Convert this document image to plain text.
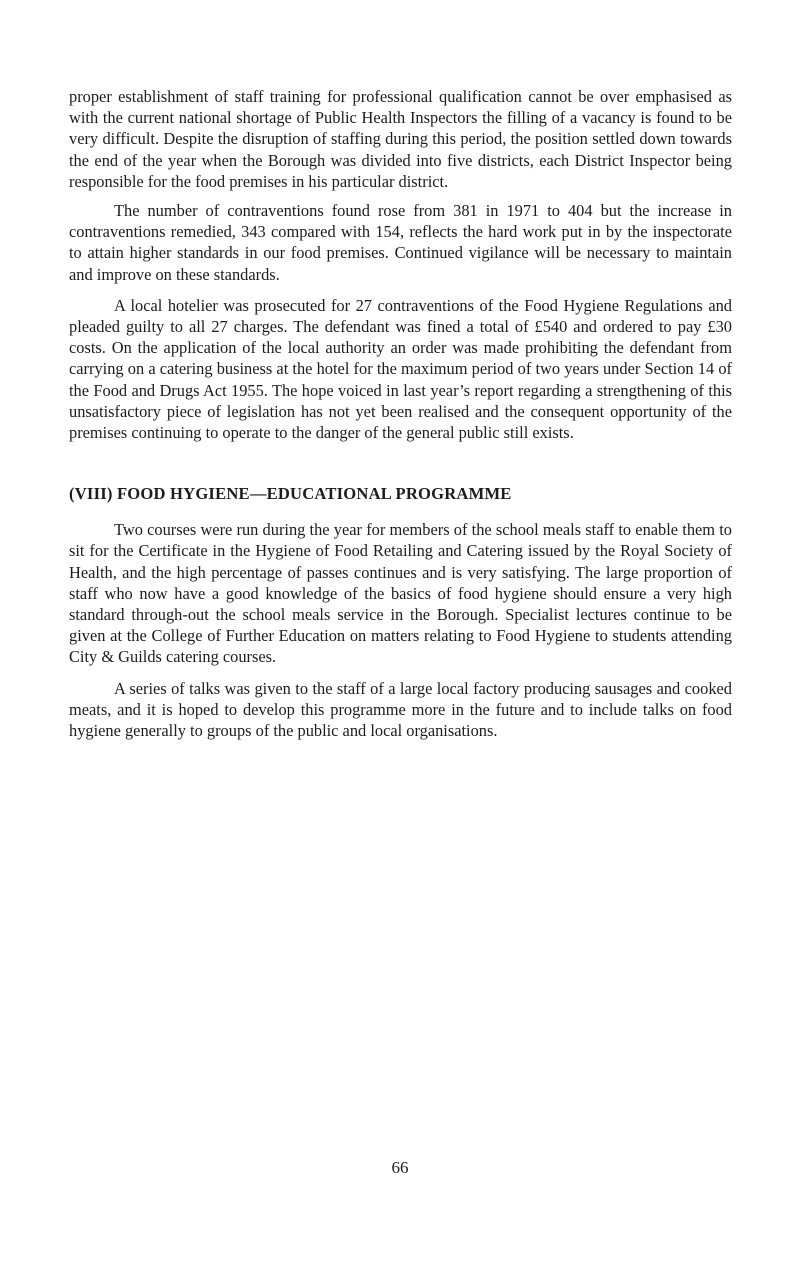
proper establishment of staff training for professional qualification cannot be over emphasised as with the current national shortage of Public Health Inspectors the filling of a vacancy is found to be very difficult. Despite the disruption of staffing during this period, the position settled down towards the end of the year when the Borough was divided into five districts, each District Inspector being responsible for the food premises in his particular district.

The number of contraventions found rose from 381 in 1971 to 404 but the increase in contraventions remedied, 343 compared with 154, reflects the hard work put in by the inspectorate to attain higher standards in our food premises. Continued vigilance will be necessary to maintain and improve on these standards.

A local hotelier was prosecuted for 27 contraventions of the Food Hygiene Regulations and pleaded guilty to all 27 charges. The defendant was fined a total of £540 and ordered to pay £30 costs. On the application of the local authority an order was made prohibiting the defendant from carrying on a catering business at the hotel for the maximum period of two years under Section 14 of the Food and Drugs Act 1955. The hope voiced in last year’s report regarding a strengthening of this unsatisfactory piece of legislation has not yet been realised and the consequent opportunity of the premises continuing to operate to the danger of the general public still exists.

(VIII) FOOD HYGIENE—EDUCATIONAL PROGRAMME

Two courses were run during the year for members of the school meals staff to enable them to sit for the Certificate in the Hygiene of Food Retailing and Catering issued by the Royal Society of Health, and the high percentage of passes continues and is very satisfying. The large proportion of staff who now have a good knowledge of the basics of food hygiene should ensure a very high standard through-out the school meals service in the Borough. Specialist lectures continue to be given at the College of Further Education on matters relating to Food Hygiene to students attending City & Guilds catering courses.

A series of talks was given to the staff of a large local factory producing sausages and cooked meats, and it is hoped to develop this programme more in the future and to include talks on food hygiene generally to groups of the public and local organisations.

66
